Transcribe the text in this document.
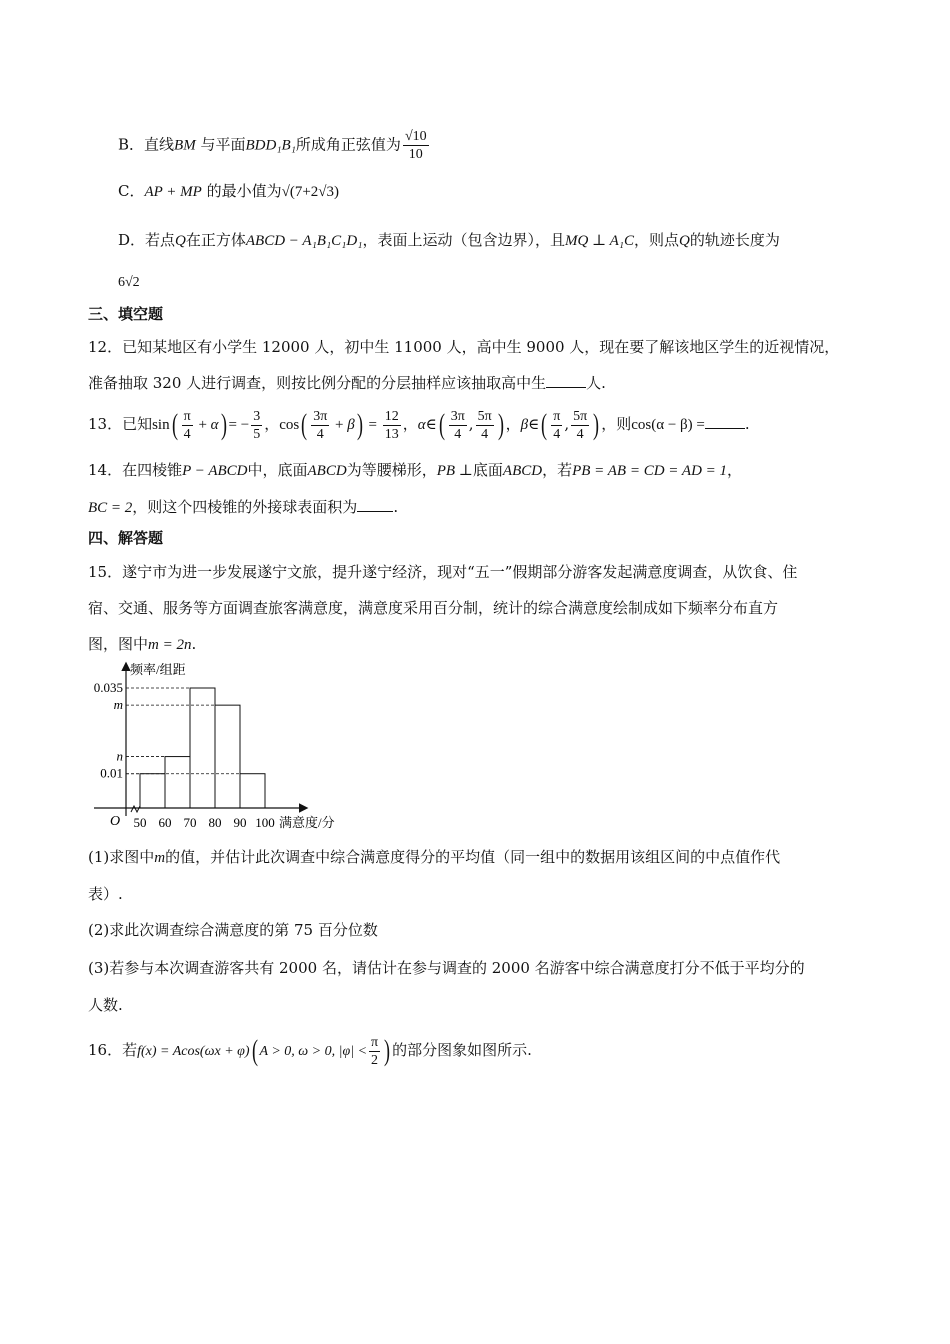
B．直线BM 与平面BDD₁B₁所成角正弦值为 $\frac{√10}{10}$
C．AP + MP 的最小值为√(7+2√3)
D．若点Q在正方体ABCD − A₁B₁C₁D₁，表面上运动（包含边界），且MQ ⊥ A₁C，则点Q的轨迹长度为
6√2
三、填空题
12．已知某地区有小学生 12000 人，初中生 11000 人，高中生 9000 人，现在要了解该地区学生的近视情况，
准备抽取 320 人进行调查，则按比例分配的分层抽样应该抽取高中生	人.
13．已知$\sin( \frac{\pi}{4} + \alpha)$ = − $\frac{3}{5}$ ，$\cos( \frac{3\pi}{4} + \beta) = \frac{12}{13}$ ，α∈( $\frac{3\pi}{4}$ , $\frac{5\pi}{4}$ ) ，β∈( $\frac{\pi}{4}$ , $\frac{5\pi}{4}$ ) ，则cos(α − β) =	.
14．在四棱锥P − ABCD中，底面ABCD为等腰梯形，PB ⊥底面ABCD，若PB = AB = CD = AD = 1，
BC = 2，则这个四棱锥的外接球表面积为 .
四、解答题
15．遂宁市为进一步发展遂宁文旅，提升遂宁经济，现对“五一”假期部分游客发起满意度调查，从饮食、住
宿、交通、服务等方面调查旅客满意度，满意度采用百分制，统计的综合满意度绘制成如下频率分布直方
图，图中m = 2n.
0.035
m
n
0.01
50 60 70 80 90 100
O
频率/组距
满意度/分
(1)求图中m的值，并估计此次调查中综合满意度得分的平均值（同一组中的数据用该组区间的中点值作代
表）.
(2)求此次调查综合满意度的第 75 百分位数
(3)若参与本次调查游客共有 2000 名，请估计在参与调查的 2000 名游客中综合满意度打分不低于平均分的
人数.
16．若f(x) = Acos(ωx + φ)( A > 0, ω > 0, $|\varphi| < \frac{\pi}{2}$ ) 的部分图象如图所示.
